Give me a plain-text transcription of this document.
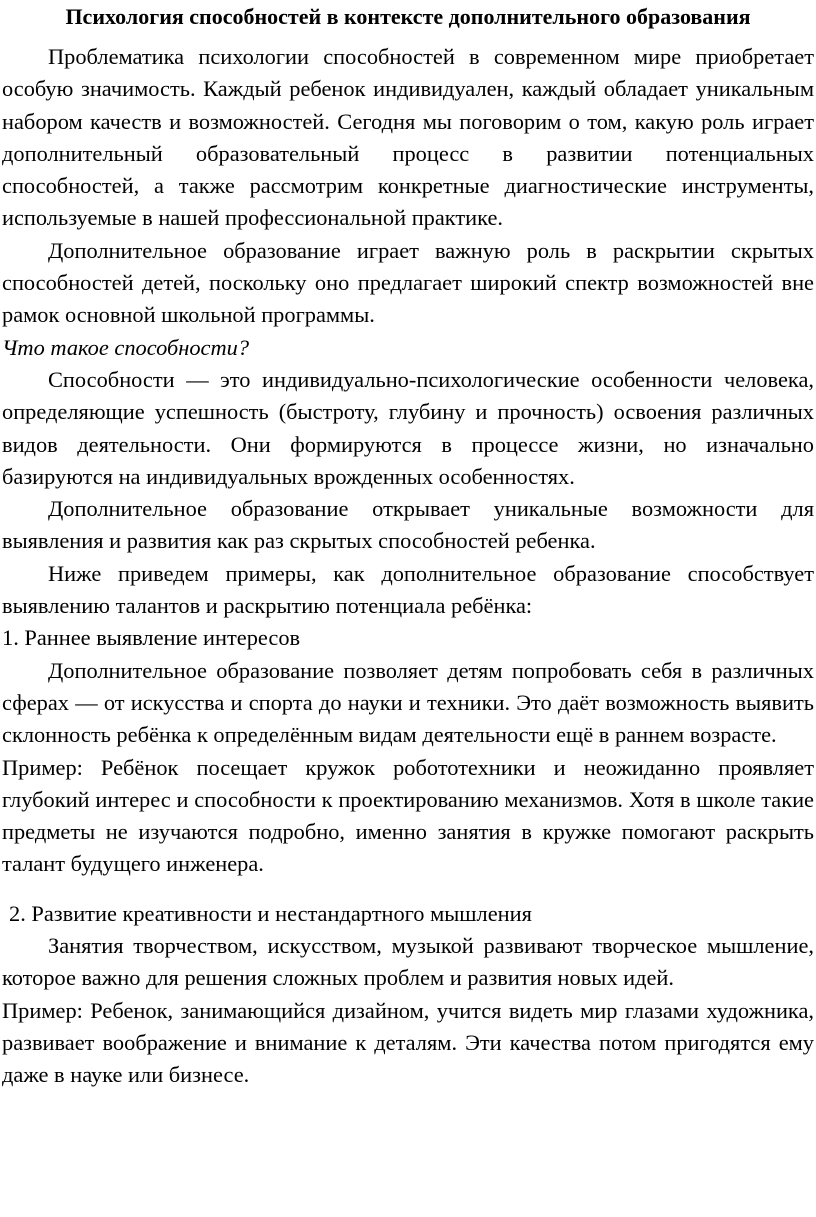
Психология способностей в контексте дополнительного образования

Проблематика психологии способностей в современном мире приобретает особую значимость. Каждый ребенок индивидуален, каждый обладает уникальным набором качеств и возможностей. Сегодня мы поговорим о том, какую роль играет дополнительный образовательный процесс в развитии потенциальных способностей, а также рассмотрим конкретные диагностические инструменты, используемые в нашей профессиональной практике.

Дополнительное образование играет важную роль в раскрытии скрытых способностей детей, поскольку оно предлагает широкий спектр возможностей вне рамок основной школьной программы.

Что такое способности?

Способности — это индивидуально-психологические особенности человека, определяющие успешность (быстроту, глубину и прочность) освоения различных видов деятельности. Они формируются в процессе жизни, но изначально базируются на индивидуальных врожденных особенностях.

Дополнительное образование открывает уникальные возможности для выявления и развития как раз скрытых способностей ребенка.

Ниже приведем примеры, как дополнительное образование способствует выявлению талантов и раскрытию потенциала ребёнка:

1. Раннее выявление интересов

Дополнительное образование позволяет детям попробовать себя в различных сферах — от искусства и спорта до науки и техники. Это даёт возможность выявить склонность ребёнка к определённым видам деятельности ещё в раннем возрасте.

Пример: Ребёнок посещает кружок робототехники и неожиданно проявляет глубокий интерес и способности к проектированию механизмов. Хотя в школе такие предметы не изучаются подробно, именно занятия в кружке помогают раскрыть талант будущего инженера.

2. Развитие креативности и нестандартного мышления

Занятия творчеством, искусством, музыкой развивают творческое мышление, которое важно для решения сложных проблем и развития новых идей.

Пример: Ребенок, занимающийся дизайном, учится видеть мир глазами художника, развивает воображение и внимание к деталям. Эти качества потом пригодятся ему даже в науке или бизнесе.
